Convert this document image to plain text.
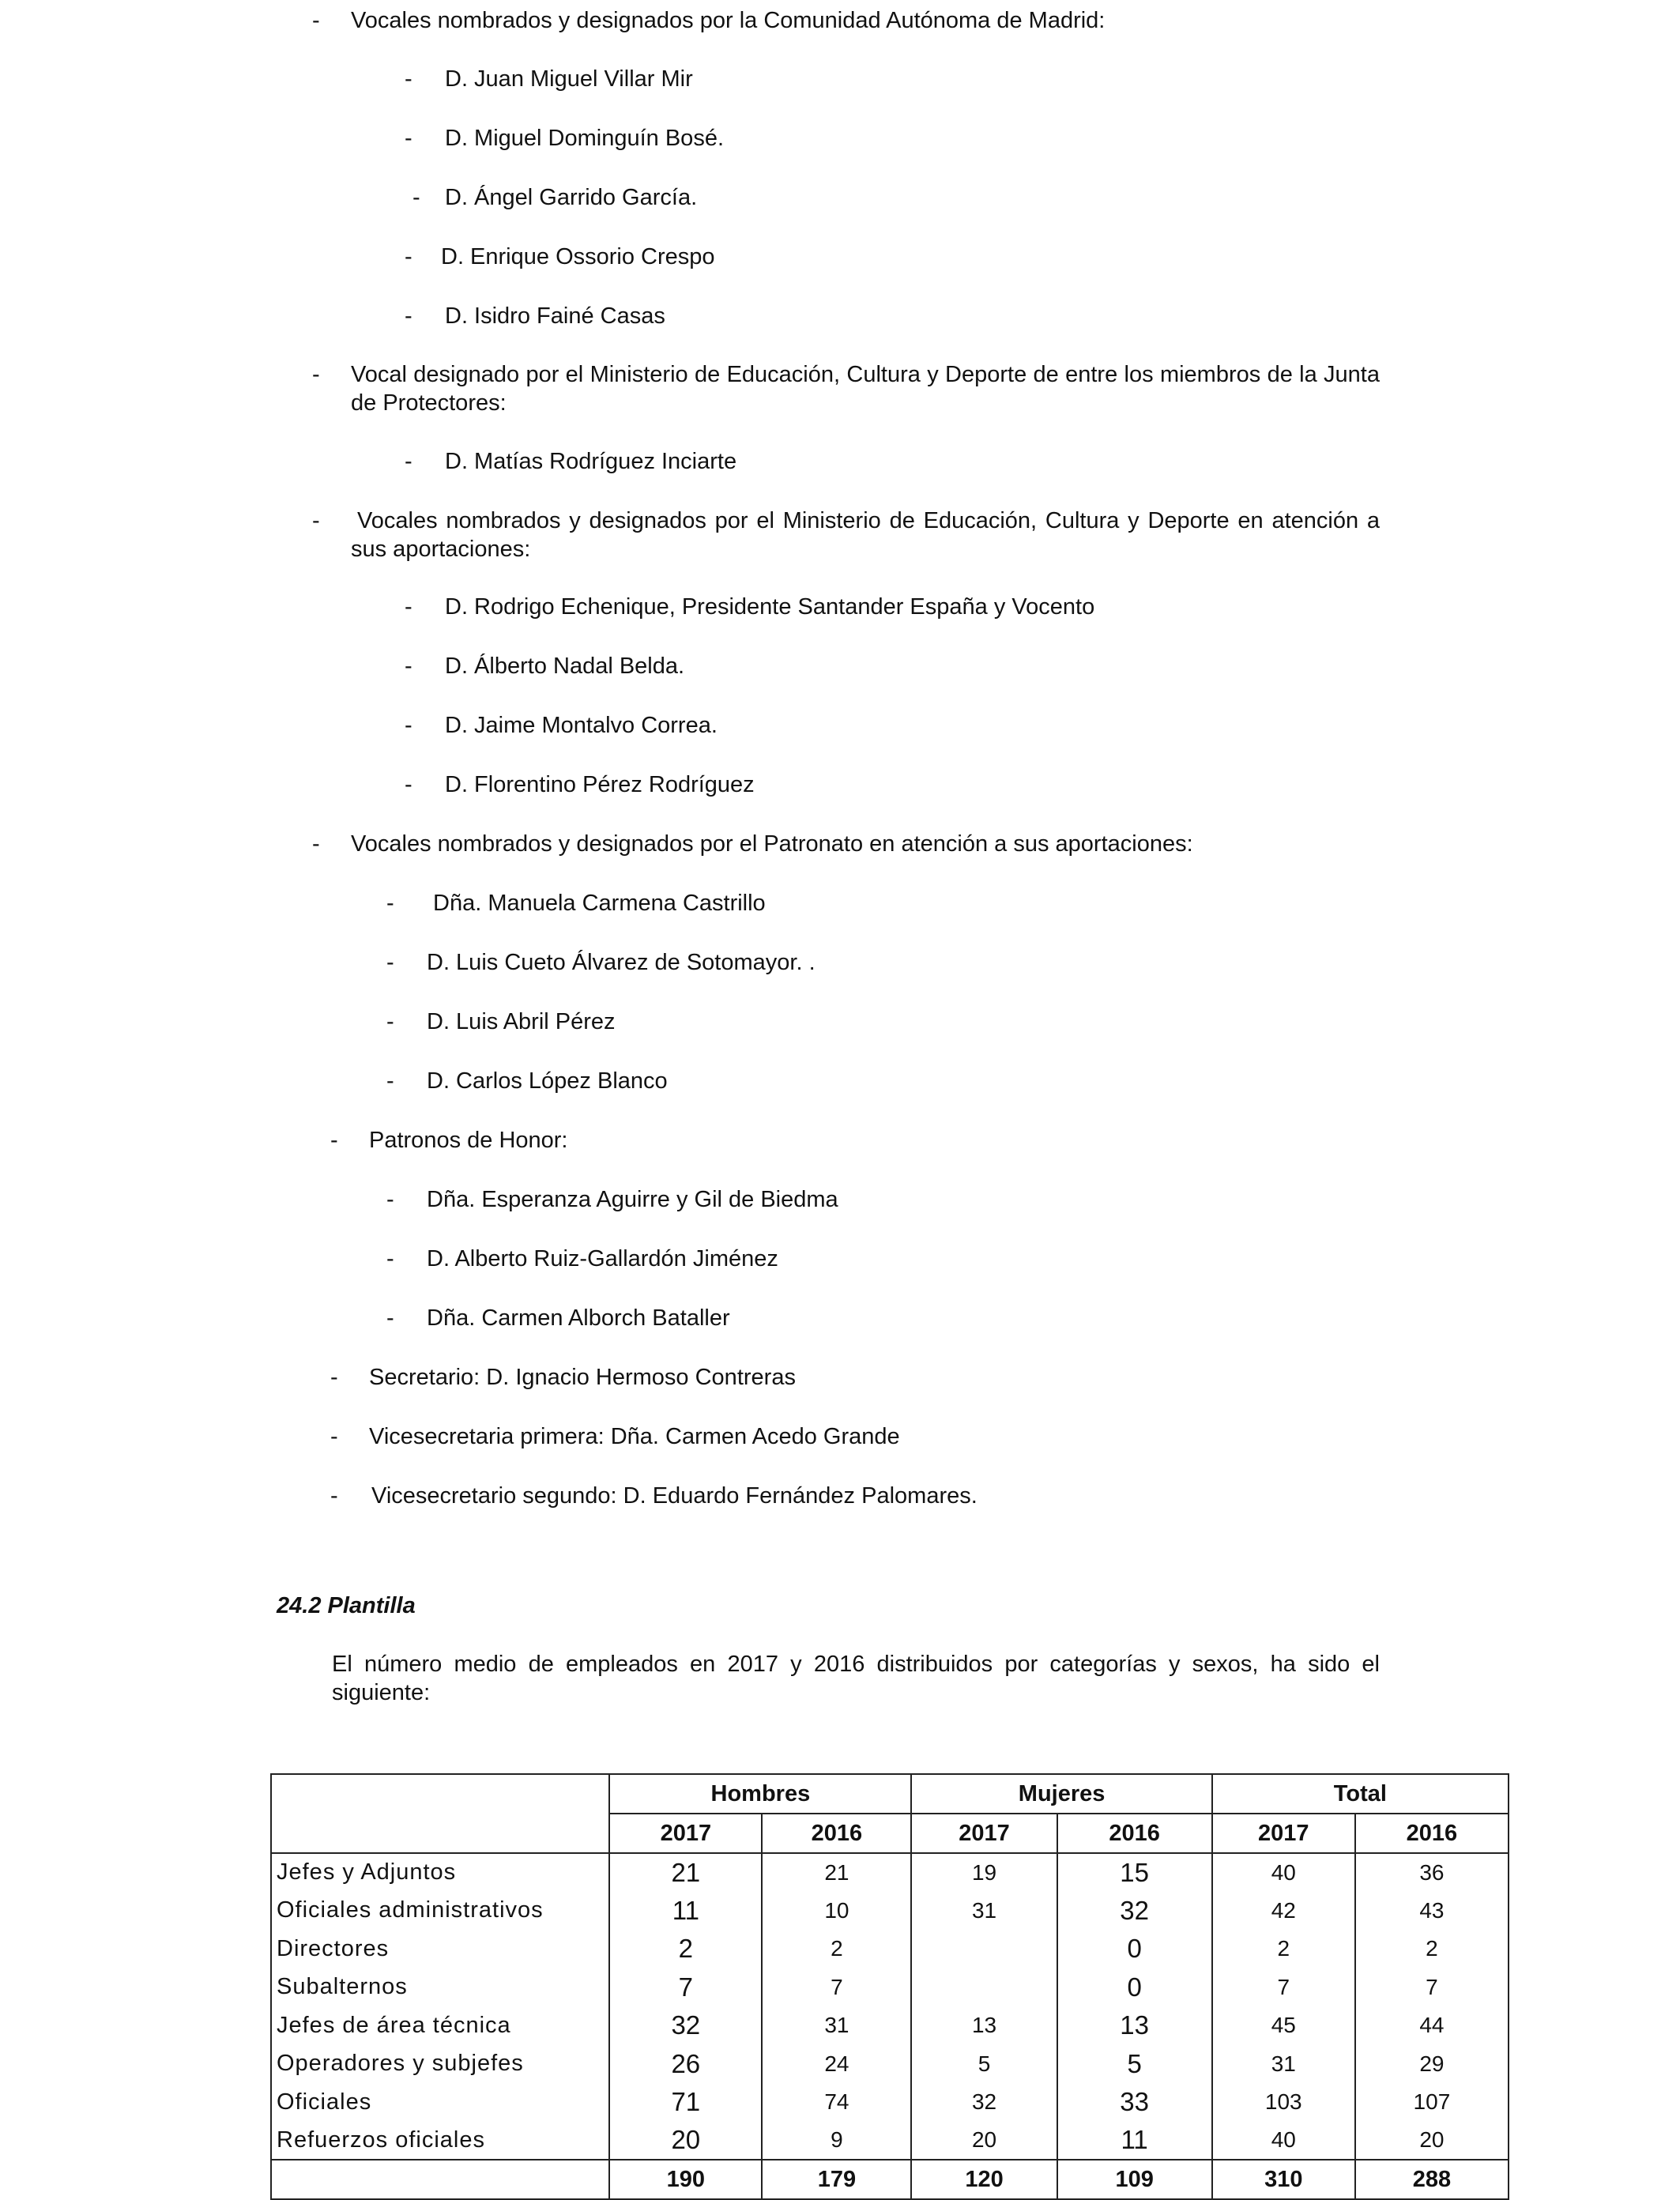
- Vocales nombrados y designados por la Comunidad Autónoma de Madrid:
- D. Juan Miguel Villar Mir
- D. Miguel Dominguín Bosé.
- D. Ángel Garrido García.
- D. Enrique Ossorio Crespo
- D. Isidro Fainé Casas
- Vocal designado por el Ministerio de Educación, Cultura y Deporte de entre los miembros de la Junta de Protectores:
- D. Matías Rodríguez Inciarte
- Vocales nombrados y designados por el Ministerio de Educación, Cultura y Deporte en atención a sus aportaciones:
- D. Rodrigo Echenique, Presidente Santander España y Vocento
- D. Álberto Nadal Belda.
- D. Jaime Montalvo Correa.
- D. Florentino Pérez Rodríguez
- Vocales nombrados y designados por el Patronato en atención a sus aportaciones:
- Dña. Manuela Carmena Castrillo
- D. Luis Cueto Álvarez de Sotomayor. .
- D. Luis Abril Pérez
- D. Carlos López Blanco
- Patronos de Honor:
- Dña. Esperanza Aguirre y Gil de Biedma
- D. Alberto Ruiz-Gallardón Jiménez
- Dña. Carmen Alborch Bataller
- Secretario: D. Ignacio Hermoso Contreras
- Vicesecretaria primera: Dña. Carmen Acedo Grande
- Vicesecretario segundo: D. Eduardo Fernández Palomares.
24.2 Plantilla
El número medio de empleados en 2017 y 2016 distribuidos por categorías y sexos, ha sido el siguiente:
	Hombres		Mujeres		Total	
	2017	2016	2017	2016	2017	2016
Jefes y Adjuntos	21	21	19	15	40	36
Oficiales administrativos	11	10	31	32	42	43
Directores	2	2		0	2	2
Subalternos	7	7		0	7	7
Jefes de área técnica	32	31	13	13	45	44
Operadores y subjefes	26	24	5	5	31	29
Oficiales	71	74	32	33	103	107
Refuerzos oficiales	20	9	20	11	40	20
	190	179	120	109	310	288
